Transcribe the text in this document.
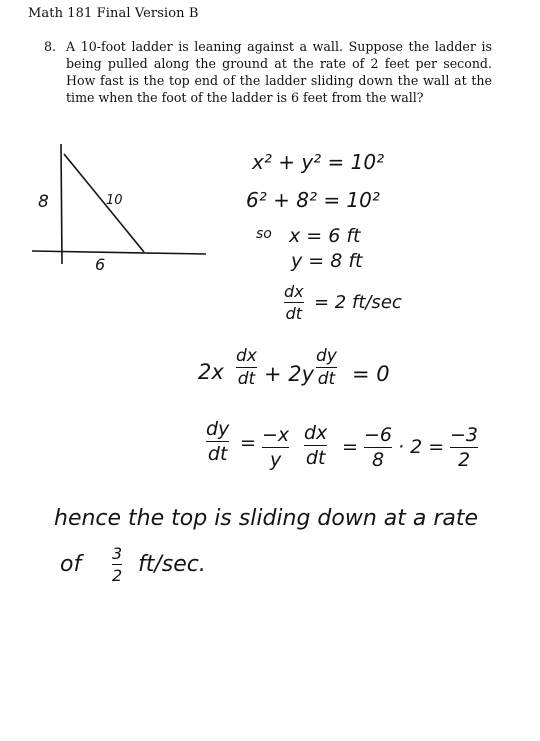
Math 181 Final Version B
8. A 10-foot ladder is leaning against a wall. Suppose the ladder is being pulled along the ground at the rate of 2 feet per second. How fast is the top end of the ladder sliding down the wall at the time when the foot of the ladder is 6 feet from the wall?
8	10
6
x² + y² = 10²
6² + 8² = 10²
so x = 6 ft
y = 8 ft
dx
dt
= 2 ft/sec
2x
dx
dt + 2y
dy
dt = 0
dy
dt = −x
y
dx
dt =
−6
8
· 2 =
−3
2
hence the top is sliding down at a rate
of 3
2 ft/sec.
